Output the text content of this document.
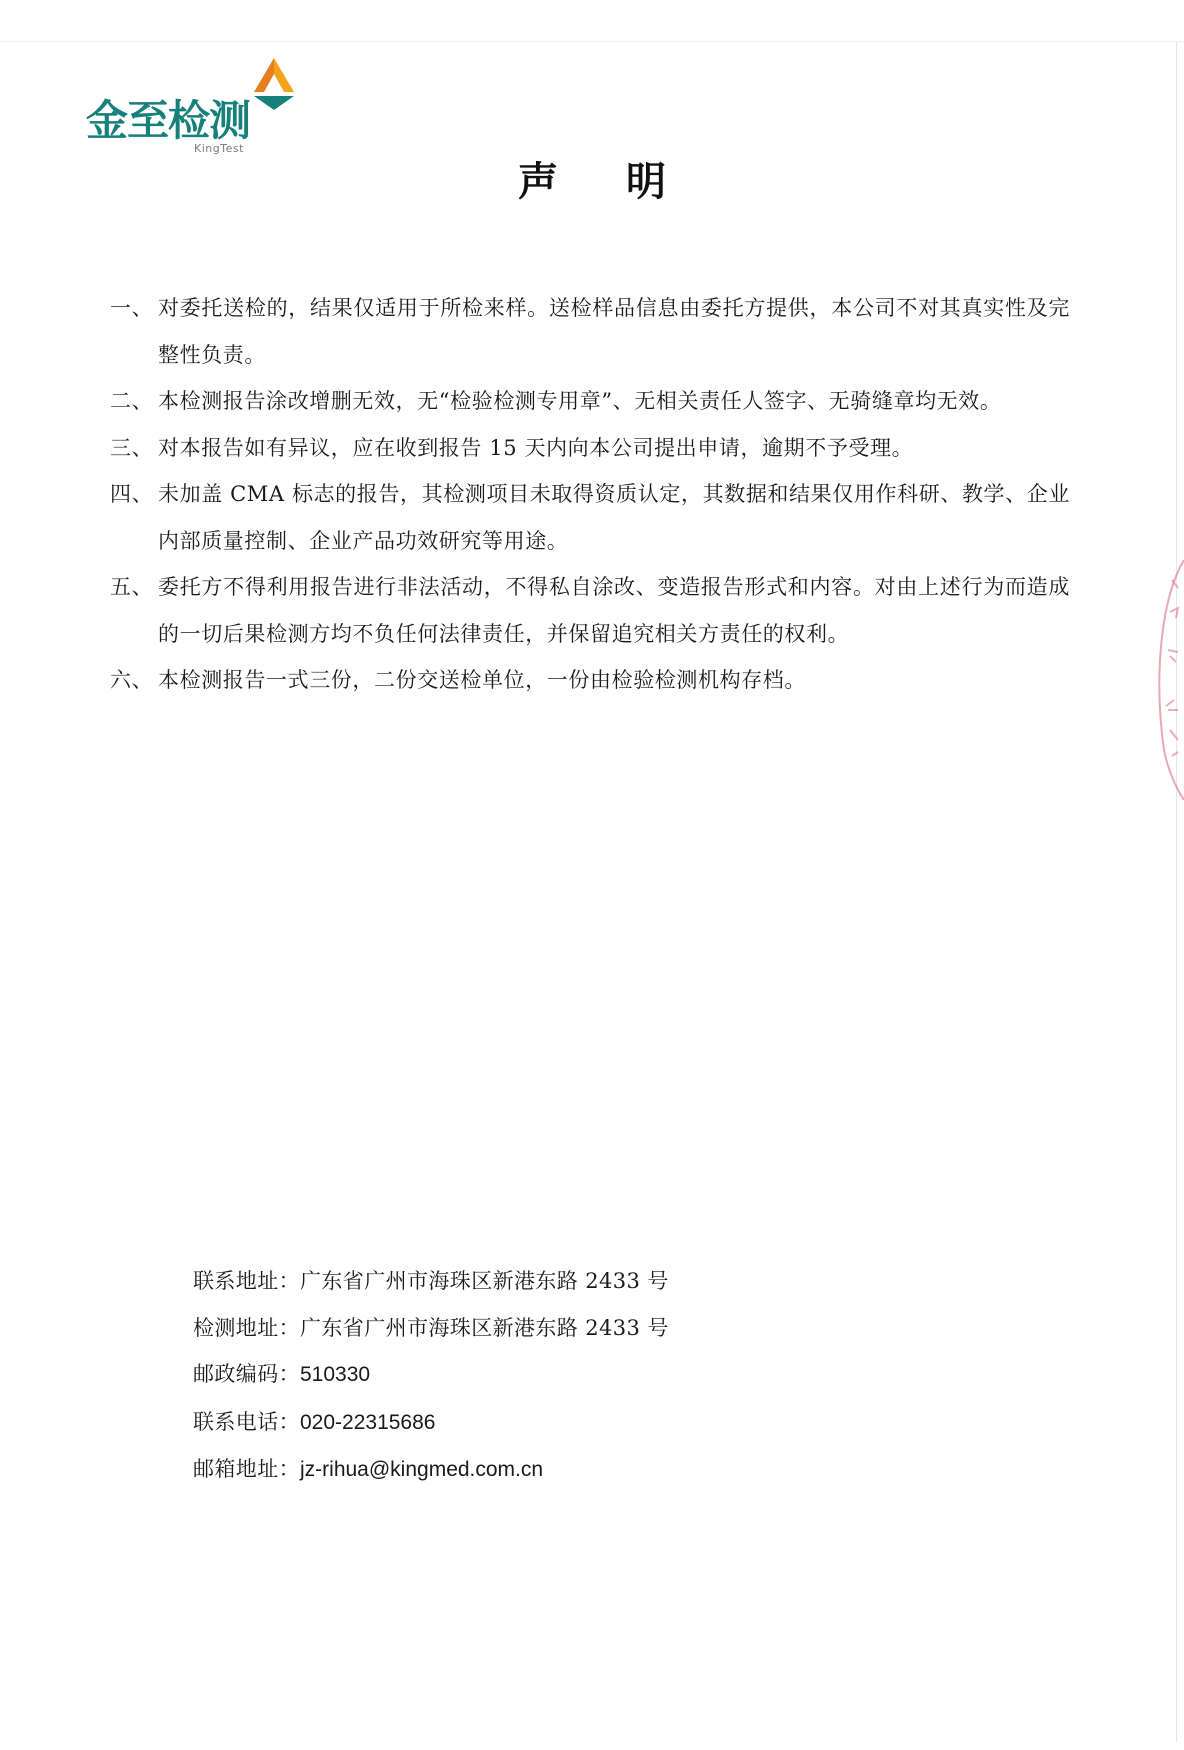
金至检测
KingTest
声明
一、 对委托送检的，结果仅适用于所检来样。送检样品信息由委托方提供，本公司不对其真实性及完整性负责。
二、 本检测报告涂改增删无效，无“检验检测专用章”、无相关责任人签字、无骑缝章均无效。
三、 对本报告如有异议，应在收到报告 15 天内向本公司提出申请，逾期不予受理。
四、 未加盖 CMA 标志的报告，其检测项目未取得资质认定，其数据和结果仅用作科研、教学、企业内部质量控制、企业产品功效研究等用途。
五、 委托方不得利用报告进行非法活动，不得私自涂改、变造报告形式和内容。对由上述行为而造成的一切后果检测方均不负任何法律责任，并保留追究相关方责任的权利。
六、 本检测报告一式三份，二份交送检单位，一份由检验检测机构存档。
联系地址：广东省广州市海珠区新港东路 2433 号
检测地址：广东省广州市海珠区新港东路 2433 号
邮政编码：510330
联系电话：020-22315686
邮箱地址：jz-rihua@kingmed.com.cn
